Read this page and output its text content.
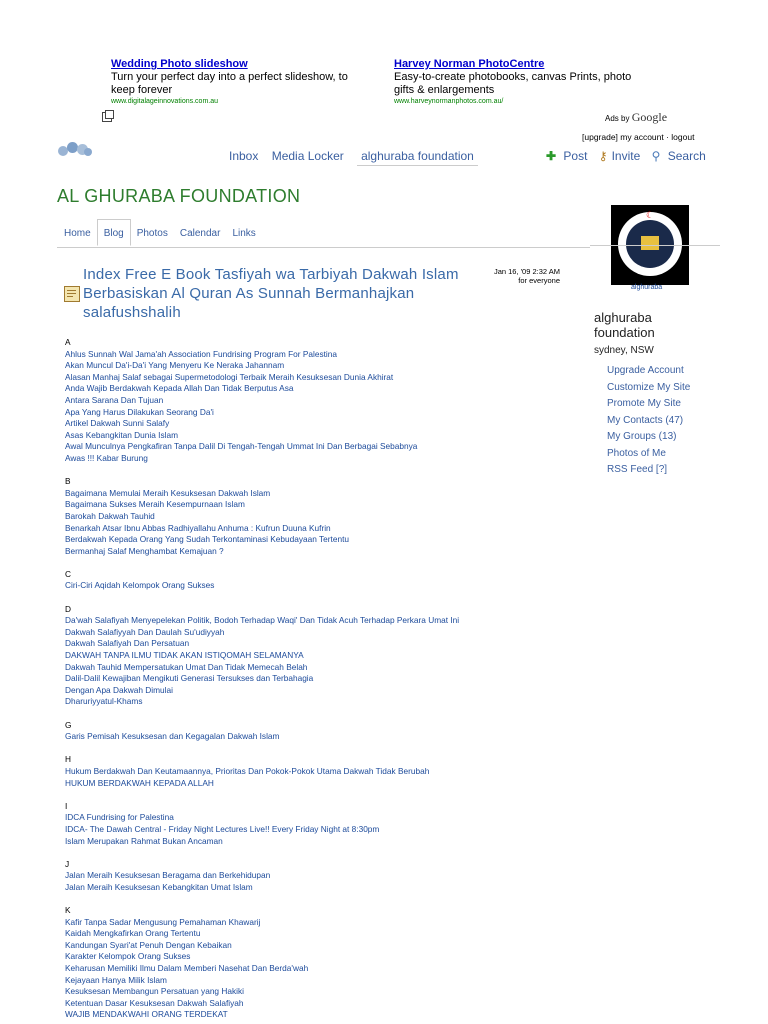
Wedding Photo slideshow
Turn your perfect day into a perfect slideshow, to keep forever
www.digitalageinnovations.com.au
Harvey Norman PhotoCentre
Easy-to-create photobooks, canvas Prints, photo gifts & enlargements
www.harveynormanphotos.com.au/
Ads by Google
[upgrade] my account · logout
Inbox Media Locker alghuraba foundation	✚ Post ⚷ Invite ⚲ Search
AL GHURABA FOUNDATION
Home Blog Photos Calendar Links
Index Free E Book Tasfiyah wa Tarbiyah Dakwah Islam Berbasiskan Al Quran As Sunnah Bermanhajkan salafushshalih
Jan 16, '09 2:32 AM
for everyone
A
Ahlus Sunnah Wal Jama'ah Association Fundrising Program For Palestina
Akan Muncul Da'i-Da'i Yang Menyeru Ke Neraka Jahannam
Alasan Manhaj Salaf sebagai Supermetodologi Terbaik Meraih Kesuksesan Dunia Akhirat
Anda Wajib Berdakwah Kepada Allah Dan Tidak Berputus Asa
Antara Sarana Dan Tujuan
Apa Yang Harus Dilakukan Seorang Da'i
Artikel Dakwah Sunni Salafy
Asas Kebangkitan Dunia Islam
Awal Munculnya Pengkafiran Tanpa Dalil Di Tengah-Tengah Ummat Ini Dan Berbagai Sebabnya
Awas !!! Kabar Burung
B
Bagaimana Memulai Meraih Kesuksesan Dakwah Islam
Bagaimana Sukses Meraih Kesempurnaan Islam
Barokah Dakwah Tauhid
Benarkah Atsar Ibnu Abbas Radhiyallahu Anhuma : Kufrun Duuna Kufrin
Berdakwah Kepada Orang Yang Sudah Terkontaminasi Kebudayaan Tertentu
Bermanhaj Salaf Menghambat Kemajuan ?
C
Ciri-Ciri Aqidah Kelompok Orang Sukses
D
Da'wah Salafiyah Menyepelekan Politik, Bodoh Terhadap Waqi' Dan Tidak Acuh Terhadap Perkara Umat Ini
Dakwah Salafiyyah Dan Daulah Su'udiyyah
Dakwah Salafiyah Dan Persatuan
DAKWAH TANPA ILMU TIDAK AKAN ISTIQOMAH SELAMANYA
Dakwah Tauhid Mempersatukan Umat Dan Tidak Memecah Belah
Dalil-Dalil Kewajiban Mengikuti Generasi Tersukses dan Terbahagia
Dengan Apa Dakwah Dimulai
Dharuriyyatul-Khams
G
Garis Pemisah Kesuksesan dan Kegagalan Dakwah Islam
H
Hukum Berdakwah Dan Keutamaannya, Prioritas Dan Pokok-Pokok Utama Dakwah Tidak Berubah
HUKUM BERDAKWAH KEPADA ALLAH
I
IDCA Fundrising for Palestina
IDCA- The Dawah Central - Friday Night Lectures Live!! Every Friday Night at 8:30pm
Islam Merupakan Rahmat Bukan Ancaman
J
Jalan Meraih Kesuksesan Beragama dan Berkehidupan
Jalan Meraih Kesuksesan Kebangkitan Umat Islam
K
Kafir Tanpa Sadar Mengusung Pemahaman Khawarij
Kaidah Mengkafirkan Orang Tertentu
Kandungan Syari'at Penuh Dengan Kebaikan
Karakter Kelompok Orang Sukses
Keharusan Memiliki Ilmu Dalam Memberi Nasehat Dan Berda'wah
Kejayaan Hanya Milik Islam
Kesuksesan Membangun Persatuan yang Hakiki
Ketentuan Dasar Kesuksesan Dakwah Salafiyah
WAJIB MENDAKWAHI ORANG TERDEKAT
☾
alghuraba
alghuraba foundation
sydney, NSW
Upgrade Account
Customize My Site
Promote My Site
My Contacts (47)
My Groups (13)
Photos of Me
RSS Feed [?]
